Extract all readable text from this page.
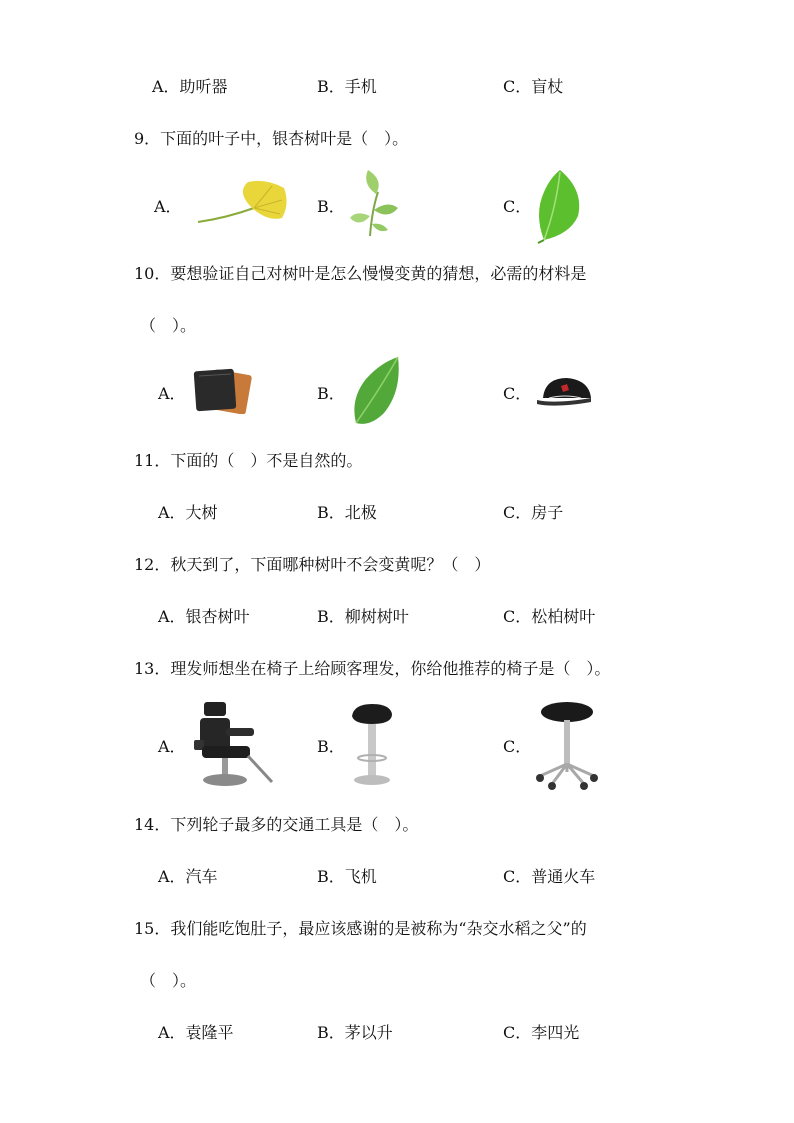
A．助听器	B．手机	C．盲杖
9．下面的叶子中，银杏树叶是（　）。
A．	B．	C．
10．要想验证自己对树叶是怎么慢慢变黄的猜想，必需的材料是
（　）。
A．	B．	C．
11．下面的（　）不是自然的。
A．大树	B．北极	C．房子
12．秋天到了，下面哪种树叶不会变黄呢？（　）
A．银杏树叶	B．柳树树叶	C．松柏树叶
13．理发师想坐在椅子上给顾客理发，你给他推荐的椅子是（　）。
A．	B．	C．
14．下列轮子最多的交通工具是（　）。
A．汽车	B．飞机	C．普通火车
15．我们能吃饱肚子，最应该感谢的是被称为“杂交水稻之父”的
（　）。
A．袁隆平	B．茅以升	C．李四光
